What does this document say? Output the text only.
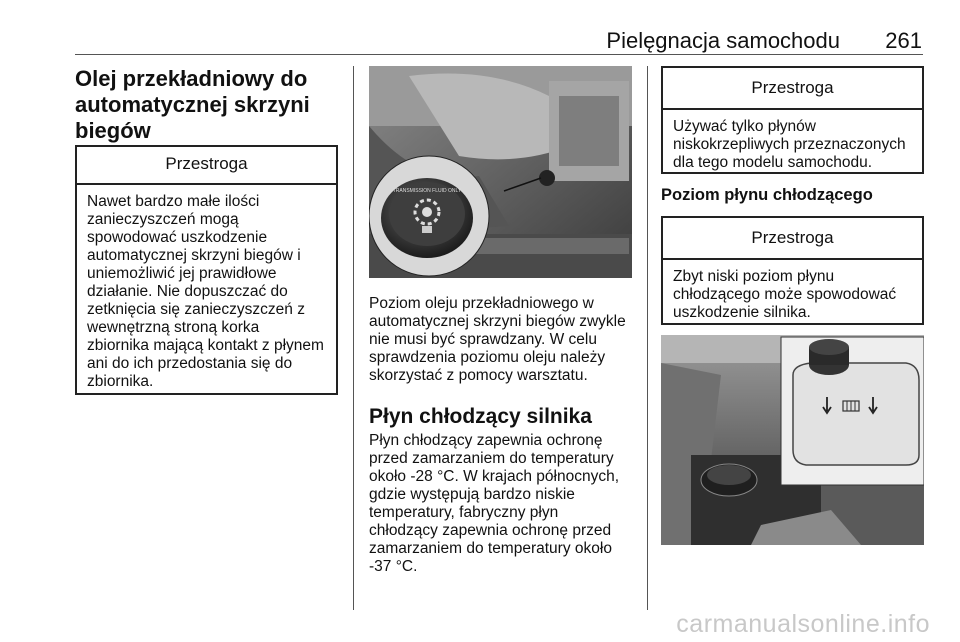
Pielęgnacja samochodu 261
Olej przekładniowy do automatycznej skrzyni biegów
Przestroga
Nawet bardzo małe ilości
zanieczyszczeń mogą
spowodować uszkodzenie
automatycznej skrzyni biegów i
uniemożliwić jej prawidłowe
działanie. Nie dopuszczać do
zetknięcia się zanieczyszczeń z
wewnętrzną stroną korka
zbiornika mającą kontakt z płynem
ani do ich przedostania się do
zbiornika.
TRANSMISSION FLUID ONLY
Poziom oleju przekładniowego w
automatycznej skrzyni biegów zwykle
nie musi być sprawdzany. W celu
sprawdzenia poziomu oleju należy
skorzystać z pomocy warsztatu.
Płyn chłodzący silnika
Płyn chłodzący zapewnia ochronę
przed zamarzaniem do temperatury
około -28 °C. W krajach północnych,
gdzie występują bardzo niskie
temperatury, fabryczny płyn
chłodzący zapewnia ochronę przed
zamarzaniem do temperatury około
-37 °C.
Przestroga
Używać tylko płynów
niskokrzepliwych przeznaczonych
dla tego modelu samochodu.
Poziom płynu chłodzącego
Przestroga
Zbyt niski poziom płynu
chłodzącego może spowodować
uszkodzenie silnika.
carmanualsonline.info
